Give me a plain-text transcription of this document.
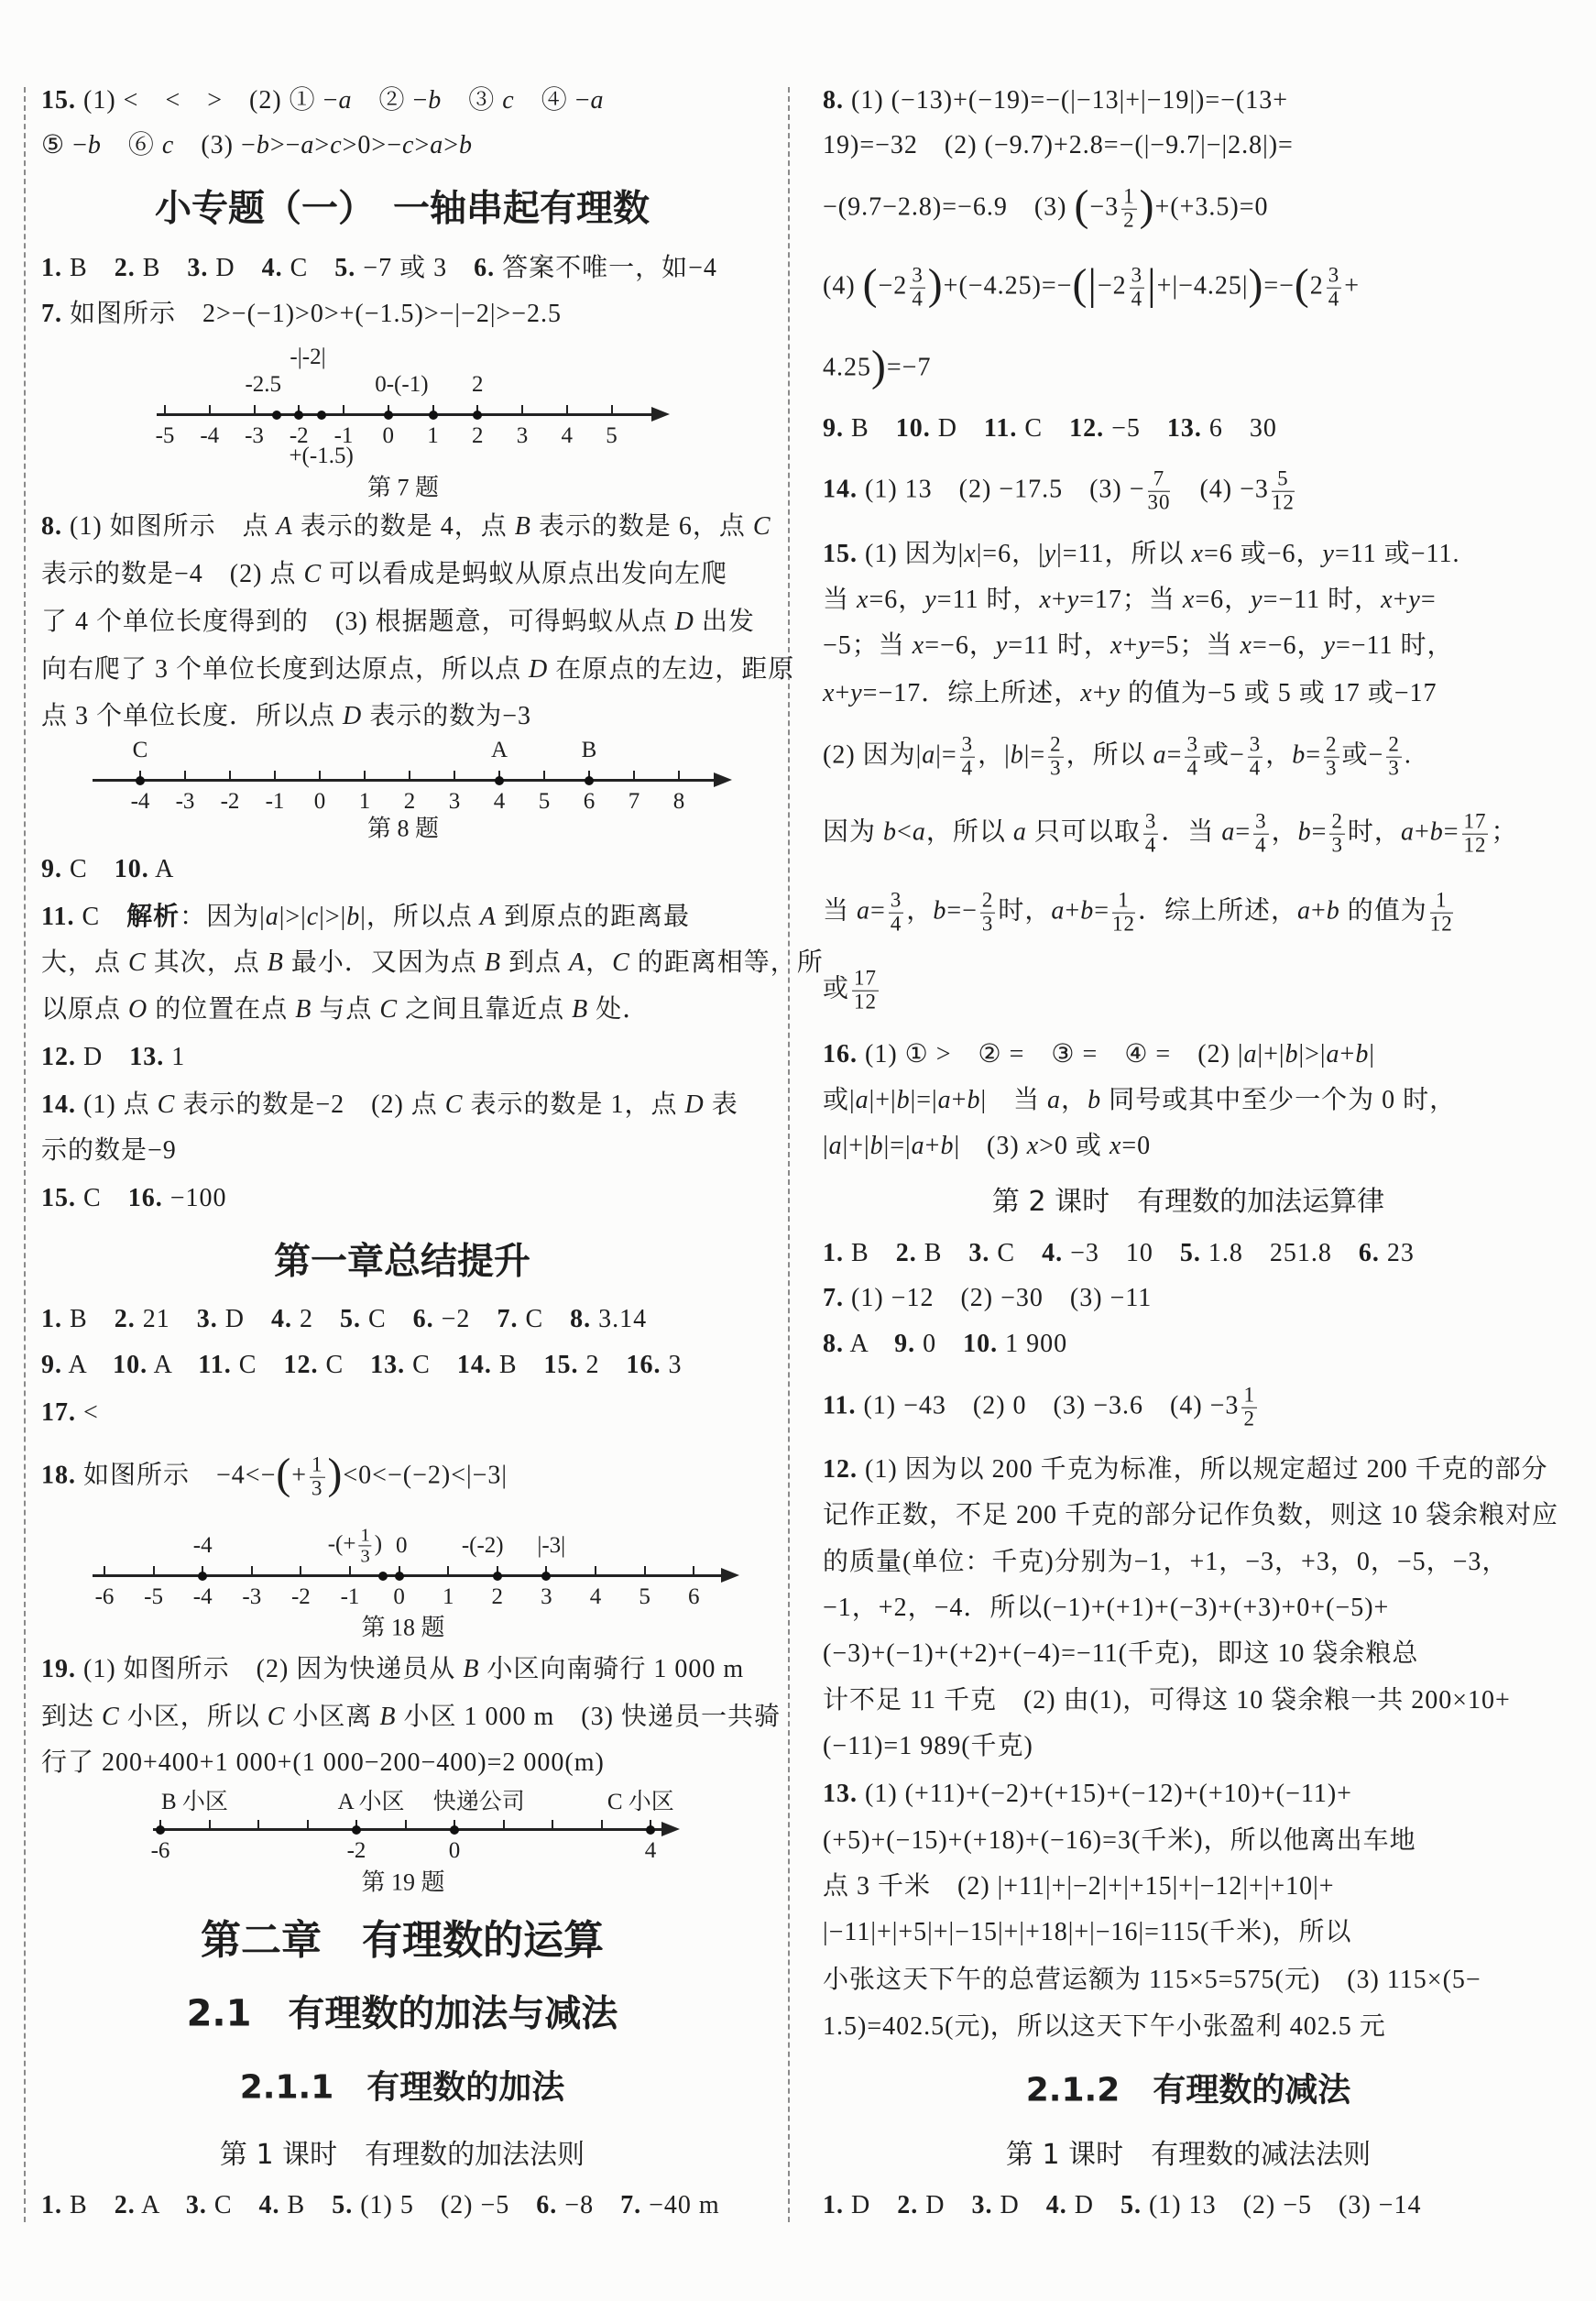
15. (1) <　<　>　(2) ① −a　② −b　③ c　④ −a
⑤ −b　⑥ c　(3) −b>−a>c>0>−c>a>b
小专题（一）　一轴串起有理数
1. B　2. B　3. D　4. C　5. −7 或 3　6. 答案不唯一，如−4
7. 如图所示　2>−(−1)>0>+(−1.5)>−|−2|>−2.5
-5 -4 -3 -2 -1 0 1 2 3 4 5
-|-2|
-2.5	0-(-1) 2
+(-1.5)
第 7 题
8. (1) 如图所示　点 A 表示的数是 4，点 B 表示的数是 6，点 C
表示的数是−4　(2) 点 C 可以看成是蚂蚁从原点出发向左爬
了 4 个单位长度得到的　(3) 根据题意，可得蚂蚁从点 D 出发
向右爬了 3 个单位长度到达原点，所以点 D 在原点的左边，距原
点 3 个单位长度．所以点 D 表示的数为−3
-4 -3 -2 -1 0 1 2 3 4 5 6 7 8
C	A	B
第 8 题
9. C　10. A
11. C　解析：因为|a|>|c|>|b|，所以点 A 到原点的距离最
大，点 C 其次，点 B 最小．又因为点 B 到点 A，C 的距离相等，所
以原点 O 的位置在点 B 与点 C 之间且靠近点 B 处．
12. D　13. 1
14. (1) 点 C 表示的数是−2　(2) 点 C 表示的数是 1，点 D 表
示的数是−9
15. C　16. −100
第一章总结提升
1. B　2. 21　3. D　4. 2　5. C　6. −2　7. C　8. 3.14
9. A　10. A　11. C　12. C　13. C　14. B　15. 2　16. 3
17. <
18. 如图所示　$-4<-(+ \frac{1}{3} )<0<-(-2)<|-3|$
-6 -5 -4 -3 -2 -1 0 1 2 3 4 5 6
-4	-(+ $\frac{1}{3}$ ) 0 -(-2) |-3|
第 18 题
19. (1) 如图所示　(2) 因为快递员从 B 小区向南骑行 1 000 m
到达 C 小区，所以 C 小区离 B 小区 1 000 m　(3) 快递员一共骑
行了 200+400+1 000+(1 000−200−400)=2 000(m)
-6	-2	0	4
B 小区	A 小区 快递公司	C 小区
第 19 题
第二章　有理数的运算
2.1　有理数的加法与减法
2.1.1　有理数的加法
第 1 课时　有理数的加法法则
1. B　2. A　3. C　4. B　5. (1) 5　(2) −5　6. −8　7. −40 m
8. (1) (−13)+(−19)=−(|−13|+|−19|)=−(13+
19)=−32　(2) (−9.7)+2.8=−(|−9.7|−|2.8|)=
−(9.7−2.8)=−6.9　(3) $(-3 \frac{1}{2} )+(+3.5)=0$
(4) $(-2 \frac{3}{4} )+(-4.25)=-(|-2 \frac{3}{4} |+|-4.25|)=-(2 \frac{3}{4}$ +
4.25)=−7
9. B　10. D　11. C　12. −5　13. 6　30
14. (1) 13　(2) −17.5　$(3) - \frac{7}{30}$ 　$(4) -3 \frac{5}{12}$
15. (1) 因为|x|=6，|y|=11，所以 x=6 或−6，y=11 或−11.
当 x=6，y=11 时，x+y=17；当 x=6，y=−11 时，x+y=
−5；当 x=−6，y=11 时，x+y=5；当 x=−6，y=−11 时，
x+y=−17．综上所述，x+y 的值为−5 或 5 或 17 或−17
(2) 因为$|a|= \frac{3}{4}$ ，$|b|= \frac{2}{3}$ ，所以 $a= \frac{3}{4}$ 或− $\frac{3}{4}$ ，$b= \frac{2}{3}$ 或− $\frac{2}{3}$ .
因为 b<a，所以 a 只可以取 $\frac{3}{4}$ ．当 $a= \frac{3}{4}$ ，$b= \frac{2}{3}$ 时，$a+b= \frac{17}{12}$ ；
当 $a= \frac{3}{4}$ ，$b=- \frac{2}{3}$ 时，$a+b= \frac{1}{12}$ ．综上所述，a+b 的值为 $\frac{1}{12}$
或 $\frac{17}{12}$
16. (1) ① >　② =　③ =　④ =　(2) |a|+|b|>|a+b|
或|a|+|b|=|a+b|　当 a，b 同号或其中至少一个为 0 时，
|a|+|b|=|a+b|　(3) x>0 或 x=0
第 2 课时　有理数的加法运算律
1. B　2. B　3. C　4. −3　10　5. 1.8　251.8　6. 23
7. (1) −12　(2) −30　(3) −11
8. A　9. 0　10. 1 900
11. (1) −43　(2) 0　(3) −3.6　$(4) -3 \frac{1}{2}$
12. (1) 因为以 200 千克为标准，所以规定超过 200 千克的部分
记作正数，不足 200 千克的部分记作负数，则这 10 袋余粮对应
的质量(单位：千克)分别为−1，+1，−3，+3，0，−5，−3，
−1，+2，−4．所以(−1)+(+1)+(−3)+(+3)+0+(−5)+
(−3)+(−1)+(+2)+(−4)=−11(千克)，即这 10 袋余粮总
计不足 11 千克　(2) 由(1)，可得这 10 袋余粮一共 200×10+
(−11)=1 989(千克)
13. (1) (+11)+(−2)+(+15)+(−12)+(+10)+(−11)+
(+5)+(−15)+(+18)+(−16)=3(千米)，所以他离出车地
点 3 千米　(2) |+11|+|−2|+|+15|+|−12|+|+10|+
|−11|+|+5|+|−15|+|+18|+|−16|=115(千米)，所以
小张这天下午的总营运额为 115×5=575(元)　(3) 115×(5−
1.5)=402.5(元)，所以这天下午小张盈利 402.5 元
2.1.2　有理数的减法
第 1 课时　有理数的减法法则
1. D　2. D　3. D　4. D　5. (1) 13　(2) −5　(3) −14
